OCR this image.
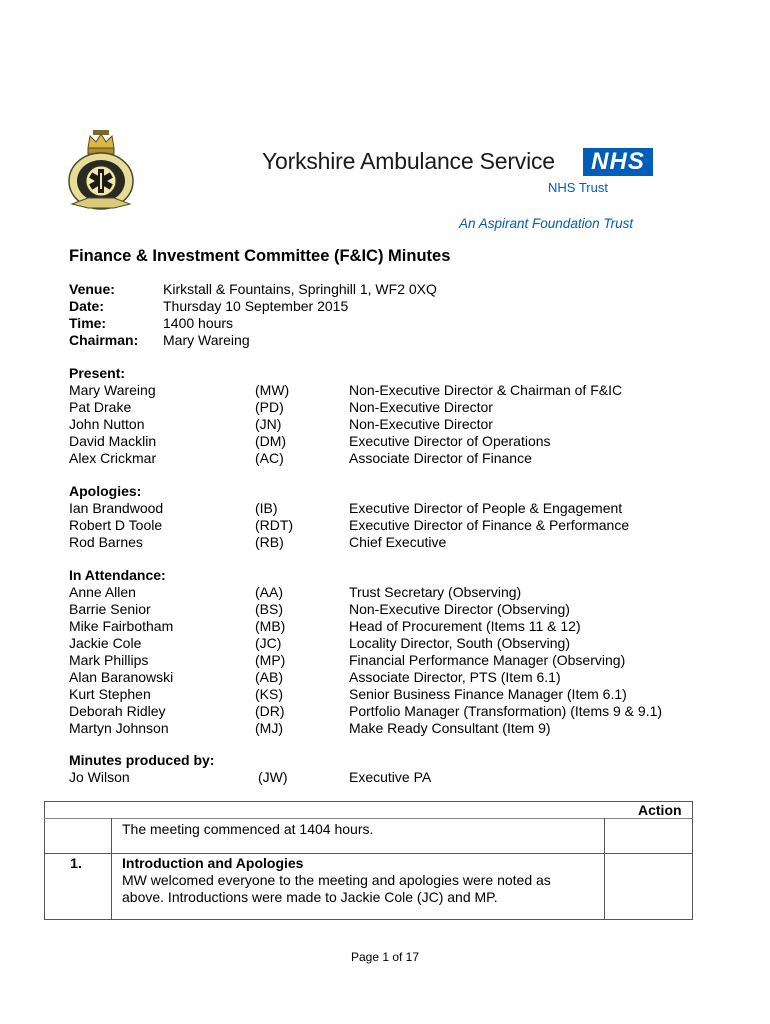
Yorkshire Ambulance Service	NHS
NHS Trust
An Aspirant Foundation Trust
Finance & Investment Committee (F&IC) Minutes
Venue:	Kirkstall & Fountains, Springhill 1, WF2 0XQ
Date:	Thursday 10 September 2015
Time:	1400 hours
Chairman: Mary Wareing
Present:
Mary Wareing	(MW)	Non-Executive Director & Chairman of F&IC
Pat Drake	(PD)	Non-Executive Director
John Nutton	(JN)	Non-Executive Director
David Macklin	(DM)	Executive Director of Operations
Alex Crickmar	(AC)	Associate Director of Finance
Apologies:
Ian Brandwood	(IB)	Executive Director of People & Engagement
Robert D Toole	(RDT)	Executive Director of Finance & Performance
Rod Barnes	(RB)	Chief Executive
In Attendance:
Anne Allen	(AA)	Trust Secretary (Observing)
Barrie Senior	(BS)	Non-Executive Director (Observing)
Mike Fairbotham	(MB)	Head of Procurement (Items 11 & 12)
Jackie Cole	(JC)	Locality Director, South (Observing)
Mark Phillips	(MP)	Financial Performance Manager (Observing)
Alan Baranowski	(AB)	Associate Director, PTS (Item 6.1)
Kurt Stephen	(KS)	Senior Business Finance Manager (Item 6.1)
Deborah Ridley	(DR)	Portfolio Manager (Transformation) (Items 9 & 9.1)
Martyn Johnson	(MJ)	Make Ready Consultant (Item 9)
Minutes produced by:
Jo Wilson	(JW)	Executive PA
Action
The meeting commenced at 1404 hours.
1.	Introduction and Apologies
MW welcomed everyone to the meeting and apologies were noted as
above. Introductions were made to Jackie Cole (JC) and MP.
Page 1 of 17
